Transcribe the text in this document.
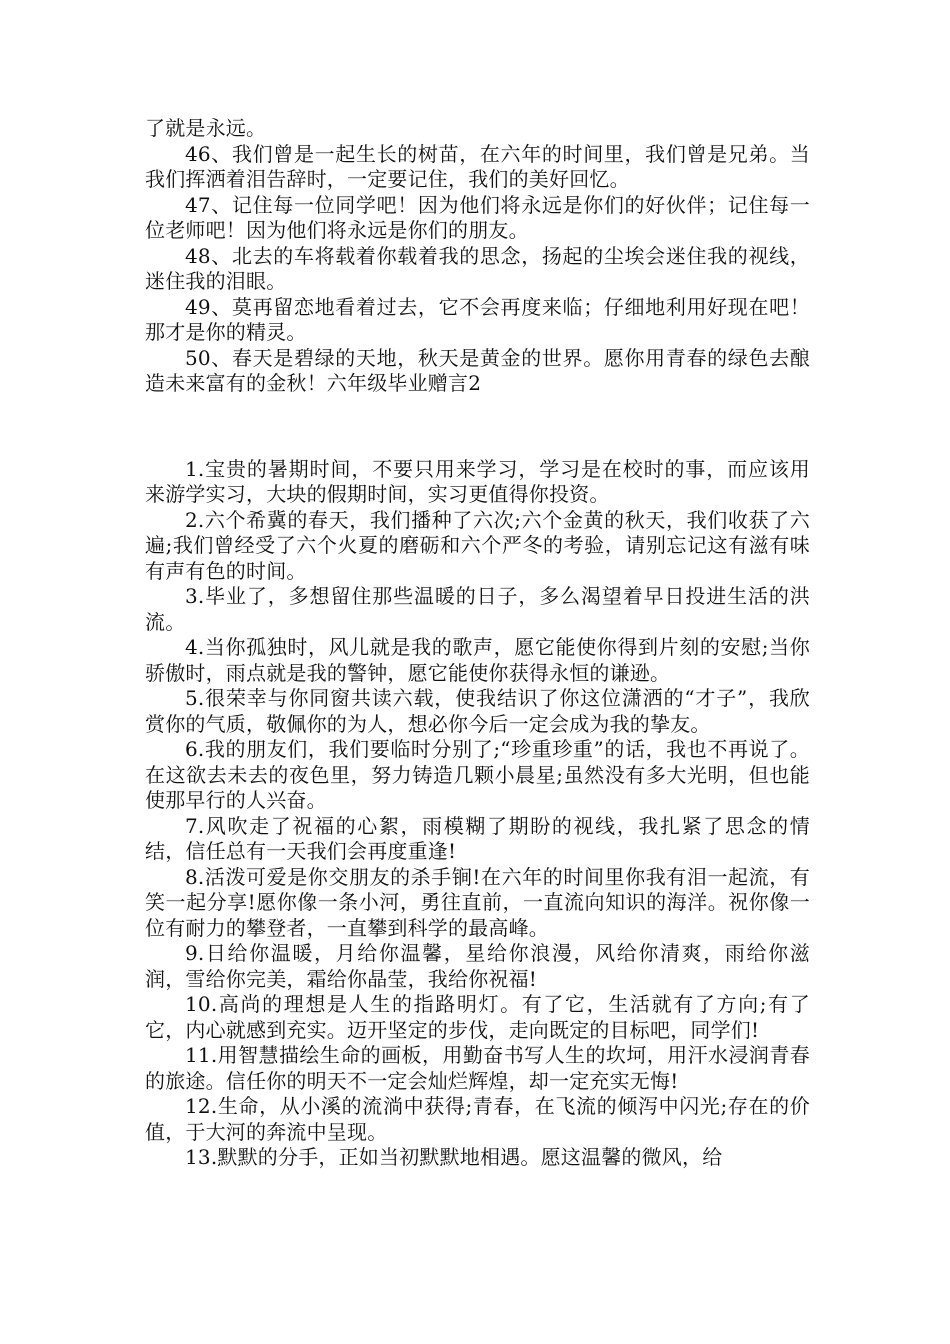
了就是永远。

46、我们曾是一起生长的树苗，在六年的时间里，我们曾是兄弟。当我们挥洒着泪告辞时，一定要记住，我们的美好回忆。

47、记住每一位同学吧！因为他们将永远是你们的好伙伴；记住每一位老师吧！因为他们将永远是你们的朋友。

48、北去的车将载着你载着我的思念，扬起的尘埃会迷住我的视线，迷住我的泪眼。

49、莫再留恋地看着过去，它不会再度来临；仔细地利用好现在吧！那才是你的精灵。

50、春天是碧绿的天地，秋天是黄金的世界。愿你用青春的绿色去酿造未来富有的金秋！六年级毕业赠言2

1.宝贵的暑期时间，不要只用来学习，学习是在校时的事，而应该用来游学实习，大块的假期时间，实习更值得你投资。

2.六个希冀的春天，我们播种了六次;六个金黄的秋天，我们收获了六遍;我们曾经受了六个火夏的磨砺和六个严冬的考验，请别忘记这有滋有味有声有色的时间。

3.毕业了，多想留住那些温暖的日子，多么渴望着早日投进生活的洪流。

4.当你孤独时，风儿就是我的歌声，愿它能使你得到片刻的安慰;当你骄傲时，雨点就是我的警钟，愿它能使你获得永恒的谦逊。

5.很荣幸与你同窗共读六载，使我结识了你这位潇洒的“才子”，我欣赏你的气质，敬佩你的为人，想必你今后一定会成为我的挚友。

6.我的朋友们，我们要临时分别了;“珍重珍重”的话，我也不再说了。在这欲去未去的夜色里，努力铸造几颗小晨星;虽然没有多大光明，但也能使那早行的人兴奋。

7.风吹走了祝福的心絮，雨模糊了期盼的视线，我扎紧了思念的情结，信任总有一天我们会再度重逢!

8.活泼可爱是你交朋友的杀手锏!在六年的时间里你我有泪一起流，有笑一起分享!愿你像一条小河，勇往直前，一直流向知识的海洋。祝你像一位有耐力的攀登者，一直攀到科学的最高峰。

9.日给你温暖，月给你温馨，星给你浪漫，风给你清爽，雨给你滋润，雪给你完美，霜给你晶莹，我给你祝福!

10.高尚的理想是人生的指路明灯。有了它，生活就有了方向;有了它，内心就感到充实。迈开坚定的步伐，走向既定的目标吧，同学们!

11.用智慧描绘生命的画板，用勤奋书写人生的坎坷，用汗水浸润青春的旅途。信任你的明天不一定会灿烂辉煌，却一定充实无悔!

12.生命，从小溪的流淌中获得;青春，在飞流的倾泻中闪光;存在的价值，于大河的奔流中呈现。

13.默默的分手，正如当初默默地相遇。愿这温馨的微风，给
